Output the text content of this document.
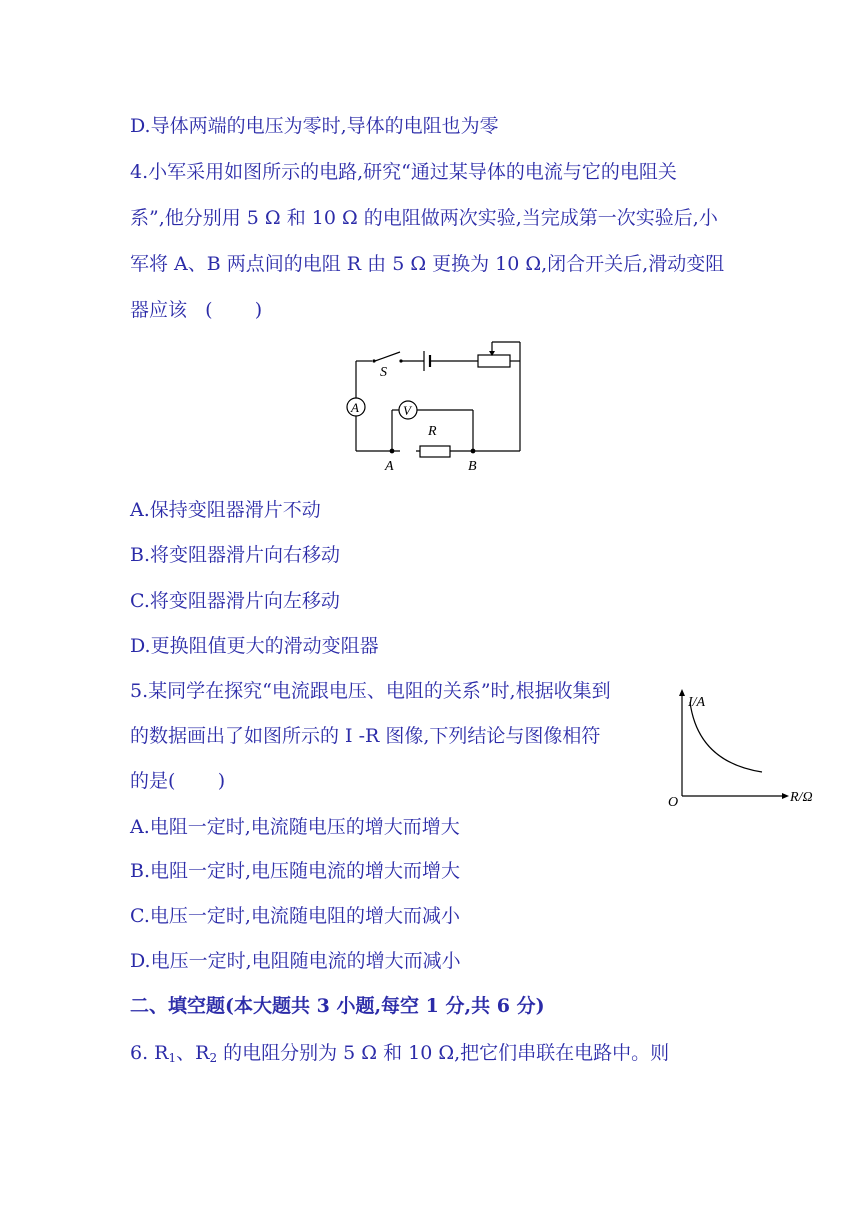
D.导体两端的电压为零时,导体的电阻也为零
4.小军采用如图所示的电路,研究“通过某导体的电流与它的电阻关
系”,他分别用 5 Ω 和 10 Ω 的电阻做两次实验,当完成第一次实验后,小
军将 A、B 两点间的电阻 R 由 5 Ω 更换为 10 Ω,闭合开关后,滑动变阻
器应该   (       )
S
A	V
R
A	B
A.保持变阻器滑片不动
B.将变阻器滑片向右移动
C.将变阻器滑片向左移动
D.更换阻值更大的滑动变阻器
5.某同学在探究“电流跟电压、电阻的关系”时,根据收集到
的数据画出了如图所示的 I -R 图像,下列结论与图像相符
的是(       )
I/A
R/Ω
O
A.电阻一定时,电流随电压的增大而增大
B.电阻一定时,电压随电流的增大而增大
C.电压一定时,电流随电阻的增大而减小
D.电压一定时,电阻随电流的增大而减小
二、填空题(本大题共 3 小题,每空 1 分,共 6 分)
6. $R_1$、$R_2$ 的电阻分别为 5 Ω 和 10 Ω,把它们串联在电路中。则
